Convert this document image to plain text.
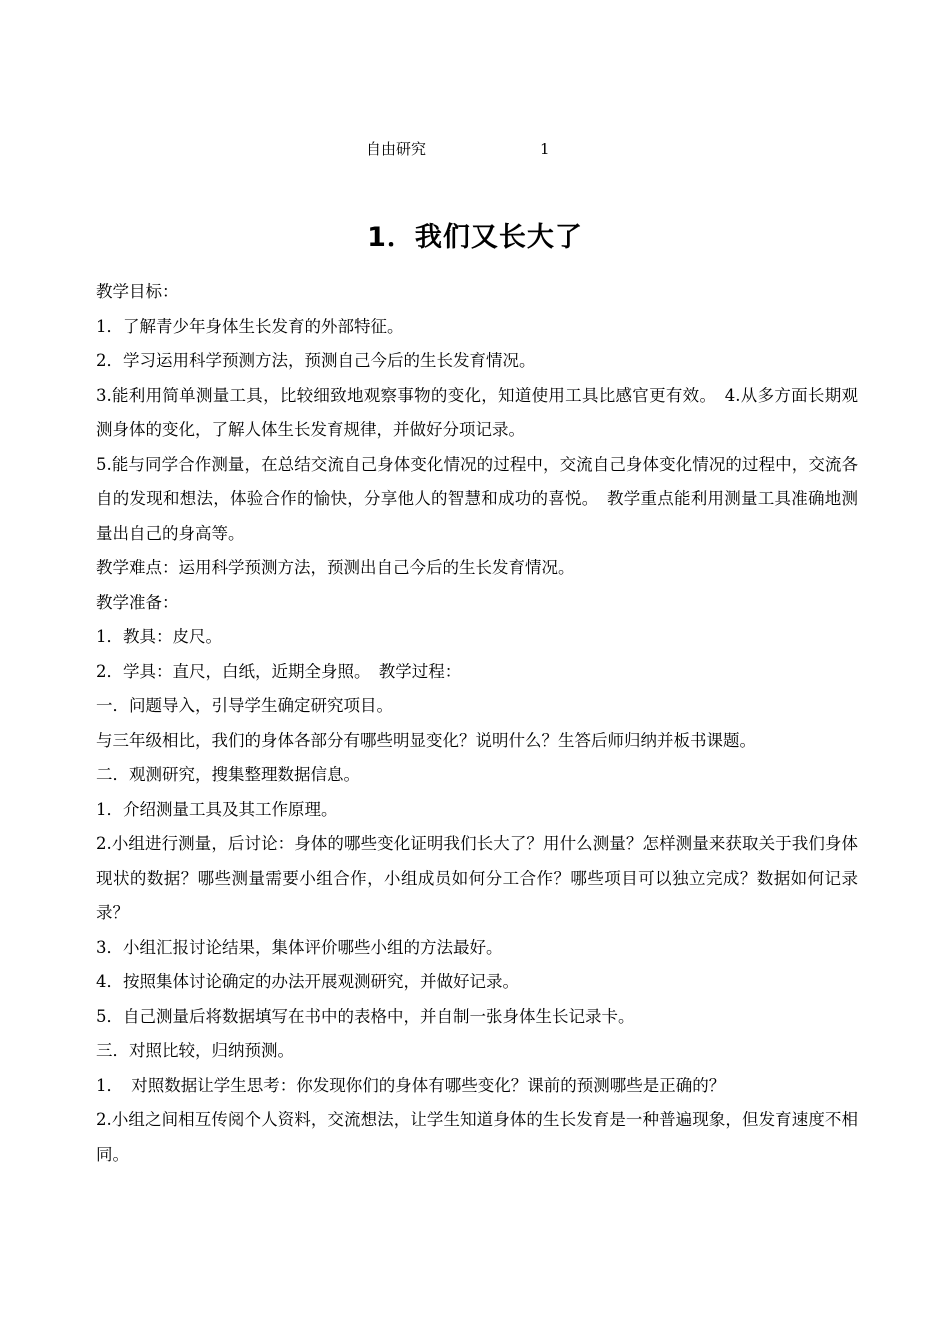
自由研究	1
1．我们又长大了

教学目标：

1．了解青少年身体生长发育的外部特征。

2．学习运用科学预测方法，预测自己今后的生长发育情况。

3.能利用简单测量工具，比较细致地观察事物的变化，知道使用工具比感官更有效。　4.从多方面长期观测身体的变化，了解人体生长发育规律，并做好分项记录。

5.能与同学合作测量，在总结交流自己身体变化情况的过程中，交流自己身体变化情况的过程中，交流各自的发现和想法，体验合作的愉快，分享他人的智慧和成功的喜悦。　教学重点能利用测量工具准确地测量出自己的身高等。

教学难点：运用科学预测方法，预测出自己今后的生长发育情况。

教学准备：

1．教具：皮尺。

2．学具：直尺，白纸，近期全身照。　教学过程：

一．问题导入，引导学生确定研究项目。

与三年级相比，我们的身体各部分有哪些明显变化？说明什么？生答后师归纳并板书课题。

二．观测研究，搜集整理数据信息。

1．介绍测量工具及其工作原理。

2.小组进行测量，后讨论：身体的哪些变化证明我们长大了？用什么测量？怎样测量来获取关于我们身体现状的数据？哪些测量需要小组合作，小组成员如何分工合作？哪些项目可以独立完成？数据如何记录录？

3．小组汇报讨论结果，集体评价哪些小组的方法最好。

4．按照集体讨论确定的办法开展观测研究，并做好记录。

5．自己测量后将数据填写在书中的表格中，并自制一张身体生长记录卡。

三．对照比较，归纳预测。

1．　对照数据让学生思考：你发现你们的身体有哪些变化？课前的预测哪些是正确的？

2.小组之间相互传阅个人资料，交流想法，让学生知道身体的生长发育是一种普遍现象，但发育速度不相同。
